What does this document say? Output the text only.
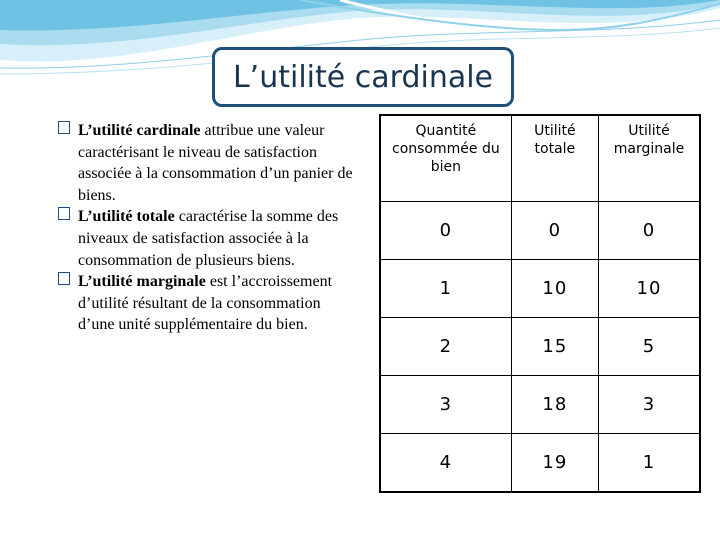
L’utilité cardinale

L’utilité cardinale attribue une valeur caractérisant le niveau de satisfaction associée à la consommation d’un panier de biens.

L’utilité totale caractérise la somme des niveaux de satisfaction associée à la consommation de plusieurs biens.

L’utilité marginale est l’accroissement d’utilité résultant de la consommation d’une unité supplémentaire du bien.

Quantité consommée du bien	Utilité totale	Utilité marginale
0	0	0
1	10	10
2	15	5
3	18	3
4	19	1
